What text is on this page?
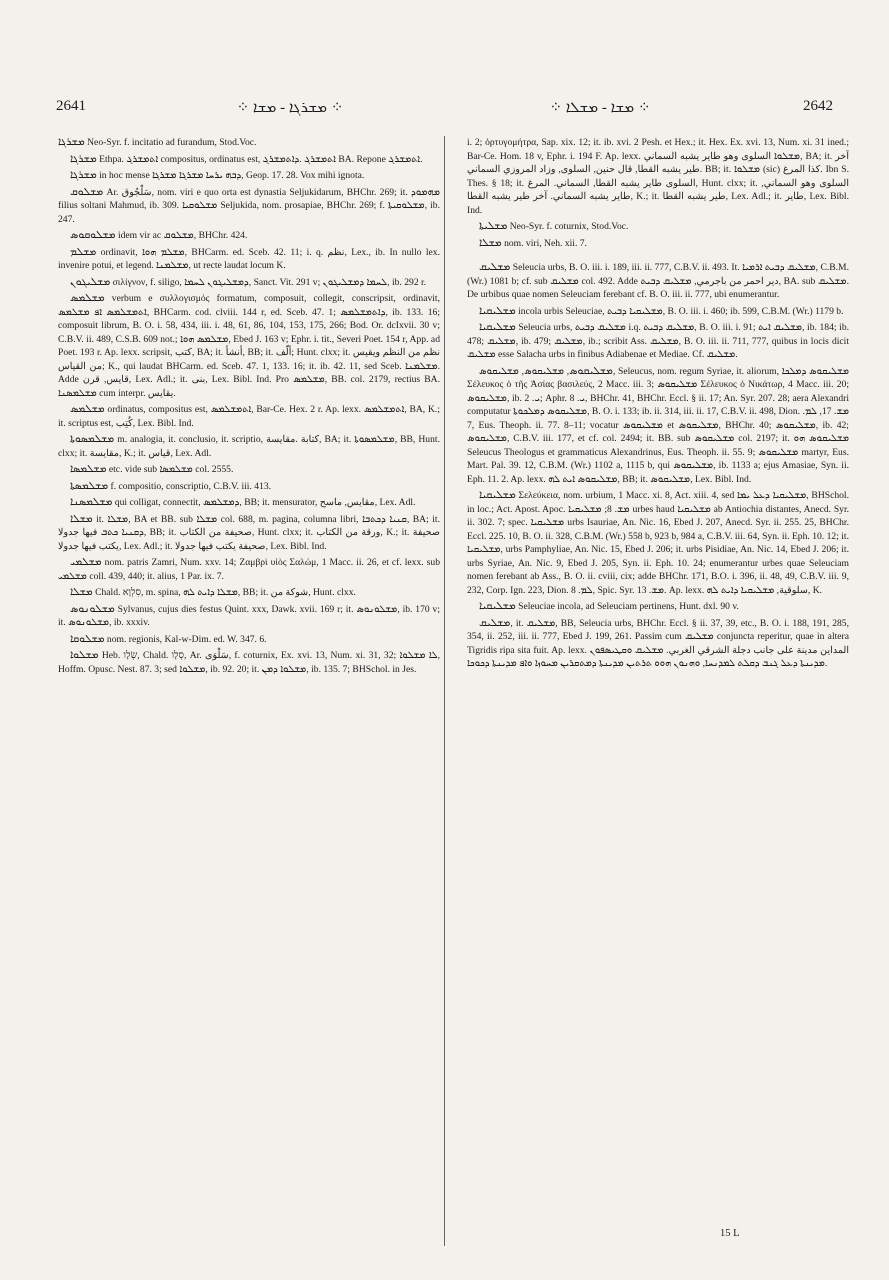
2641	⁘ ܡܫܪܓܐ - ܡܫܐ ⁘	⁘ ܡܫܐ - ܡܫܠܐ ⁘	2642

ܡܫܪܓܐ Neo-Syr. f. incitatio ad furandum, Stod.Voc.

ܡܫܪܓܐ Ethpa. ܐܬܡܫܪܓ compositus, ordinatus est, ܐܬܡܫܪܓ .ܕܐܬܡܫܪܓ BA. Repone ܐܬܡܫܪܓ.

ܡܫܪܓܐ in hoc mense ܕܒܗ ܝܪܚܐ ܡܫܪܓܐ ܡܫܪܓܐ, Geop. 17. 28. Vox mihi ignota.

ܡܫܠܘܩ Ar. سَلْجُوق, nom. viri e quo orta est dynastia Seljukidarum, BHChr. 269; it. ܡܗܡܘܕ filius soltani Mahmud, ib. 309. ܡܫܠܘܩܝܐ Seljukida, nom. prosapiae, BHChr. 269; f. ܡܫܠܘܩܝܬܐ, ib. 247.

ܡܫܠܘܩܘܣ idem vir ac ܡܫܠܘܩ, BHChr. 424.

ܡܫܠܡ ordinavit, ܡܫܠܡ ܗܘܐ, BHCarm. ed. Sceb. 42. 11; i. q. نظم, Lex., ib. In nullo lex. invenire potui, et legend. ܡܫܠܡܢܐ, ut recte laudat locum K.

ܡܫܠܝܓܘܢ σιλίγνον, f. siligo, ܕܡܫܠܝܓܘܢ ܠܚܡܐ, Sanct. Vit. 291 v; ܠܚܡܐ ܕܡܫܠܝܓܘܢ, ib. 292 r.

ܡܫܠܡܣ verbum e συλλογισμός formatum, composuit, collegit, conscripsit, ordinavit, ܐܬܡܫܠܡܣ ܐܦ ܡܫܠܡܣ, BHCarm. cod. clviii. 144 r, ed. Sceb. 47. 1; ܕܐܬܡܫܠܡܣ, ib. 133. 16; composuit librum, B. O. i. 58, 434, iii. i. 48, 61, 86, 104, 153, 175, 266; Bod. Or. dcIxvii. 30 v; C.B.V. ii. 489, C.S.B. 609 not.; ܡܫܠܡܣ ܗܘܐ, Ebed J. 163 v; Ephr. i. tit., Severi Poet. 154 r, App. ad Poet. 193 r. Ap. lexx. scripsit, كتب, BA; it. أنشأ, BB; it. ألّف; Hunt. clxx; it. نظم من النظم ويقيس من القياس; K., qui laudat BHCarm. ed. Sceb. 47. 1, 133. 16; it. ib. 42. 11, sed Sceb. ܡܫܠܡܢܐ. Adde قايس, قرن, Lex. Adl.; it. بنى, Lex. Bibl. Ind. Pro ܡܫܠܡܣ, BB. col. 2179, rectius BA. ܡܫܠܡܣܢܐ cum interpr. يقايس.

ܡܫܠܡܣ ordinatus, compositus est, ܐܬܡܫܠܡܣ, Bar-Ce. Hex. 2 r. Ap. lexx. ܐܬܡܫܠܡܣ, BA, K.; it. scriptus est, كُتِب, Lex. Bibl. Ind.

ܡܫܠܡܣܘܬܐ m. analogia, it. conclusio, it. scriptio, كتابة .مقايسة, BA; it. ܡܫܠܡܣܘܬܐ, BB, Hunt. clxx; it. مقايسة, K.; it. قياس, Lex. Adl.

ܡܫܠܡܣܐ etc. vide sub ܡܫܠܡܣܐ col. 2555.

ܡܫܠܡܣܬܐ f. compositio, conscriptio, C.B.V. iii. 413.

ܡܫܠܡܣܢܐ qui colligat, connectit, ܕܡܫܠܡܣ, BB; it. mensurator, مقايس, ماسح, Lex. Adl.

ܡܫܠܐ it. ܡܫܠܐ, BA et BB. sub ܡܫܠܐ col. 688, m. pagina, columna libri, ܩܢܝܐ ܕܟܬܒܐ, BA; it. ܕܩܢܝܐ ܟܬܒ فيها جدولا, BB; it. صحيفة من الكتاب, Hunt. clxx; it. ورقة من الكتاب, K.; it. صحيفة يكتب فيها جدولا, Lex. Adl.; it. صحيفة يكتب فيها جدولا, Lex. Bibl. Ind.

ܡܫܠܡܝ nom. patris Zamri, Num. xxv. 14; Ζαμβρὶ υἱὸς Σαλώμ, 1 Macc. ii. 26, et cf. lexx. sub ܡܫܠܡܝ coll. 439, 440; it. alius, 1 Par. ix. 7.

ܡܫܠܐ Chald. סִלְוָא, m. spina, ܡܫܠܐ ܕܐܝܬ ܠܗ, BB; it. شوكة من, Hunt. clxx.

ܡܫܠܘܢܘܣ Sylvanus, cujus dies festus Quint. xxx, Dawk. xvii. 169 r; it. ܡܫܠܘܢܘܣ, ib. 170 v; it. ܡܫܠܘܢܘܣ, ib. xxxiv.

ܡܫܠܘܩܐ nom. regionis, Kal-w-Dim. ed. W. 347. 6.

ܡܫܠܘܐ Heb. שְׂלָו, Chald. סְלָו, Ar. سَلْوَى, f. coturnix, Ex. xvi. 13, Num. xi. 31, 32; ܠܐ ܡܫܠܘܐ, Hoffm. Opusc. Nest. 87. 3; sed ܡܫܠܘܐ, ib. 92. 20; it. ܡܫܠܘܐ ܕܡܢ, ib. 135. 7; BHSchol. in Jes.

i. 2; ὀρτυγομήτρα, Sap. xix. 12; it. ib. xvi. 2 Pesh. et Hex.; it. Hex. Ex. xvi. 13, Num. xi. 31 ined.; Bar-Ce. Hom. 18 v, Ephr. i. 194 F. Ap. lexx. ܡܫܠܘܐ السلوى وهو طاير يشبه السماني, BA; it. آخر طير يشبه القطا, قال حنين, السلوى, وزاد المروزي السماني. BB; it. ܡܫܠܘܐ (sic) كذا المرغ. Ibn S. Thes. § 18; it. السلوى طاير يشبه القطا, السماني. المرغ, Hunt. clxx; it. السلوى وهو السماني, طاير يشبه السماني. آخر طير يشبه القطا, K.; it. طير يشبه القطا, Lex. Adl.; it. طاير, Lex. Bibl. Ind.

ܡܫܠܝܬܐ Neo-Syr. f. coturnix, Stod.Voc.

ܡܫܠܐ nom. viri, Neh. xii. 7.

ܡܫܠܝܩ Seleucia urbs, B. O. iii. i. 189, iii. ii. 777, C.B.V. ii. 493. It. ܡܫܠܝܩ ܕܒܝܬ ܐܪܡܝܐ, C.B.M. (Wr.) 1081 b; cf. sub ܡܫܠܝܩ col. 492. Adde دير احمر من باجرمي, ܡܫܠܝܩ ܕܒܝܬ, BA. sub ܡܫܠܝܩ. De urbibus quae nomen Seleuciam ferebant cf. B. O. iii. ii. 777, ubi enumerantur.

ܡܫܠܝܩܝܐ incola urbis Seleuciae, ܡܫܠܝܩܝܐ ܕܒܝܬ, B. O. iii. i. 460; ib. 599, C.B.M. (Wr.) 1179 b.

ܡܫܠܝܩܝܐ Seleucia urbs, ܡܫܠܝܩ ܕܒܝܬ i.q. ܡܫܠܝܩ ܕܒܝܬ, B. O. iii. i. 91; ܡܫܠܝܩ ܐܝܬ, ib. 184; ib. 478; ܡܫܠܝܩ, ib. 479; ܡܫܠܝܩ, ib.; scribit Ass. ܡܫܠܝܩ, B. O. iii. ii. 711, 777, quibus in locis dicit ܡܫܠܝܩ esse Salacha urbs in finibus Adiabenae et Mediae. Cf. ܡܫܠܝܩ.

ܡܫܠܝܩܘܣ, ܡܫܠܝܩܘܣ, ܡܫܠܝܩܘܣ, Seleucus, nom. regum Syriae, it. aliorum, ܡܫܠܝܩܘܣ ܕܡܠܟܐ Σέλευκος ὁ τῆς Ἀσίας βασιλεύς, 2 Macc. iii. 3; ܡܫܠܝܩܘܣ Σέλευκος ὁ Νικάτωρ, 4 Macc. iii. 20; ܡܫܠܝܩܘܣ, ib. ܝ. 2; Aphr. ܝ. 8, BHChr. 41, BHChr. Eccl. § ii. 17; An. Syr. 207. 28; aera Alexandri computatur ܡܫܠܝܩܘܣ ܕܡܠܟܘܬܐ, B. O. i. 133; ib. ii. 314, iii. ii. 17, C.B.V. ii. 498, Dion. ܡܫ. 17, ܠܡ. 7, Eus. Theoph. ii. 77. 8–11; vocatur ܡܫܠܝܩܘܣ et ܡܫܠܝܩܘܣ, BHChr. 40; ܡܫܠܝܩܘܣ, ib. 42; ܡܫܠܝܩܘܣ, C.B.V. iii. 177, et cf. col. 2494; it. BB. sub ܡܫܠܝܩܘܣ col. 2197; it. ܡܫܠܝܩܘܣ ܗܘ Seleucus Theologus et grammaticus Alexandrinus, Eus. Theoph. ii. 55. 9; ܡܫܠܝܩܘܣ martyr, Eus. Mart. Pal. 39. 12, C.B.M. (Wr.) 1102 a, 1115 b, qui ܡܫܠܝܩܘܣ, ib. 1133 a; ejus Amasiae, Syn. ii. Eph. 11. 2. Ap. lexx. ܡܫܠܝܩܘܣ ܐܝܬ ܠܗ, BB; it. ܡܫܠܝܩܘܣ, Lex. Bibl. Ind.

ܡܫܠܝܩܝܐ Σελεύκεια, nom. urbium, 1 Macc. xi. 8, Act. xiii. 4, sed ܡܫܠܝܩܝܐ ܕܥܠ ܝܡܐ, BHSchol. in loc.; Act. Apost. Apoc. ܡܫ. 8; ܡܫܠܝܩܝܐ urbes haud ܡܫܠܝܩܝܐ ab Antiochia distantes, Anecd. Syr. ii. 302. 7; spec. ܡܫܠܝܩܝܐ urbs Isauriae, An. Nic. 16, Ebed J. 207, Anecd. Syr. ii. 255. 25, BHChr. Eccl. 225. 10, B. O. ii. 328, C.B.M. (Wr.) 558 b, 923 b, 984 a, C.B.V. iii. 64, Syn. ii. Eph. 10. 12; it. ܡܫܠܝܩܝܐ, urbs Pamphyliae, An. Nic. 15, Ebed J. 206; it. urbs Pisidiae, An. Nic. 14, Ebed J. 206; it. urbs Syriae, An. Nic. 9, Ebed J. 205, Syn. ii. Eph. 10. 24; enumerantur urbes quae Seleuciam nomen ferebant ab Ass., B. O. ii. cviii, cix; adde BHChr. 171, B.O. i. 396, ii. 48, 49, C.B.V. iii. 9, 232, Corp. Ign. 223, Dion. ܠܡ. 8, Spic. Syr. ܡܫ. 13. Ap. lexx. سلوقية, ܡܫܠܝܩܝܐ ܕܐܝܬ ܠܗ, K.

ܡܫܠܝܩܝܐ Seleuciae incola, ad Seleuciam pertinens, Hunt. dxl. 90 v.

ܡܫܠܝܩ, it. ܡܫܠܝܩ, BB, Seleucia urbs, BHChr. Eccl. § ii. 37, 39, etc., B. O. i. 188, 191, 285, 354, ii. 252, iii. ii. 777, Ebed J. 199, 261. Passim cum ܡܫܠܝܩ conjuncta reperitur, quae in altera Tigridis ripa sita fuit. Ap. lexx. المداين مدينة على جانب دجلة الشرقي الغربي. ܡܫܠܝܩ ܘܩܛܝܣܦܘܢ ܡܕܝܢܬܐ ܕܥܠ ܓܢܒ ܕܩܠܬ ܠܡܕܢܚܐ, ܘܗܢܘܢ ܗܘܘ ܬܪܬܝܢ ܡܕܝܢܬܐ ܕܡܬܩܪܝܢ ܡܚܘܙܐ ܘܐܦ ܡܕܝܢܬܐ ܕܟܘܟܐ.

15 L
